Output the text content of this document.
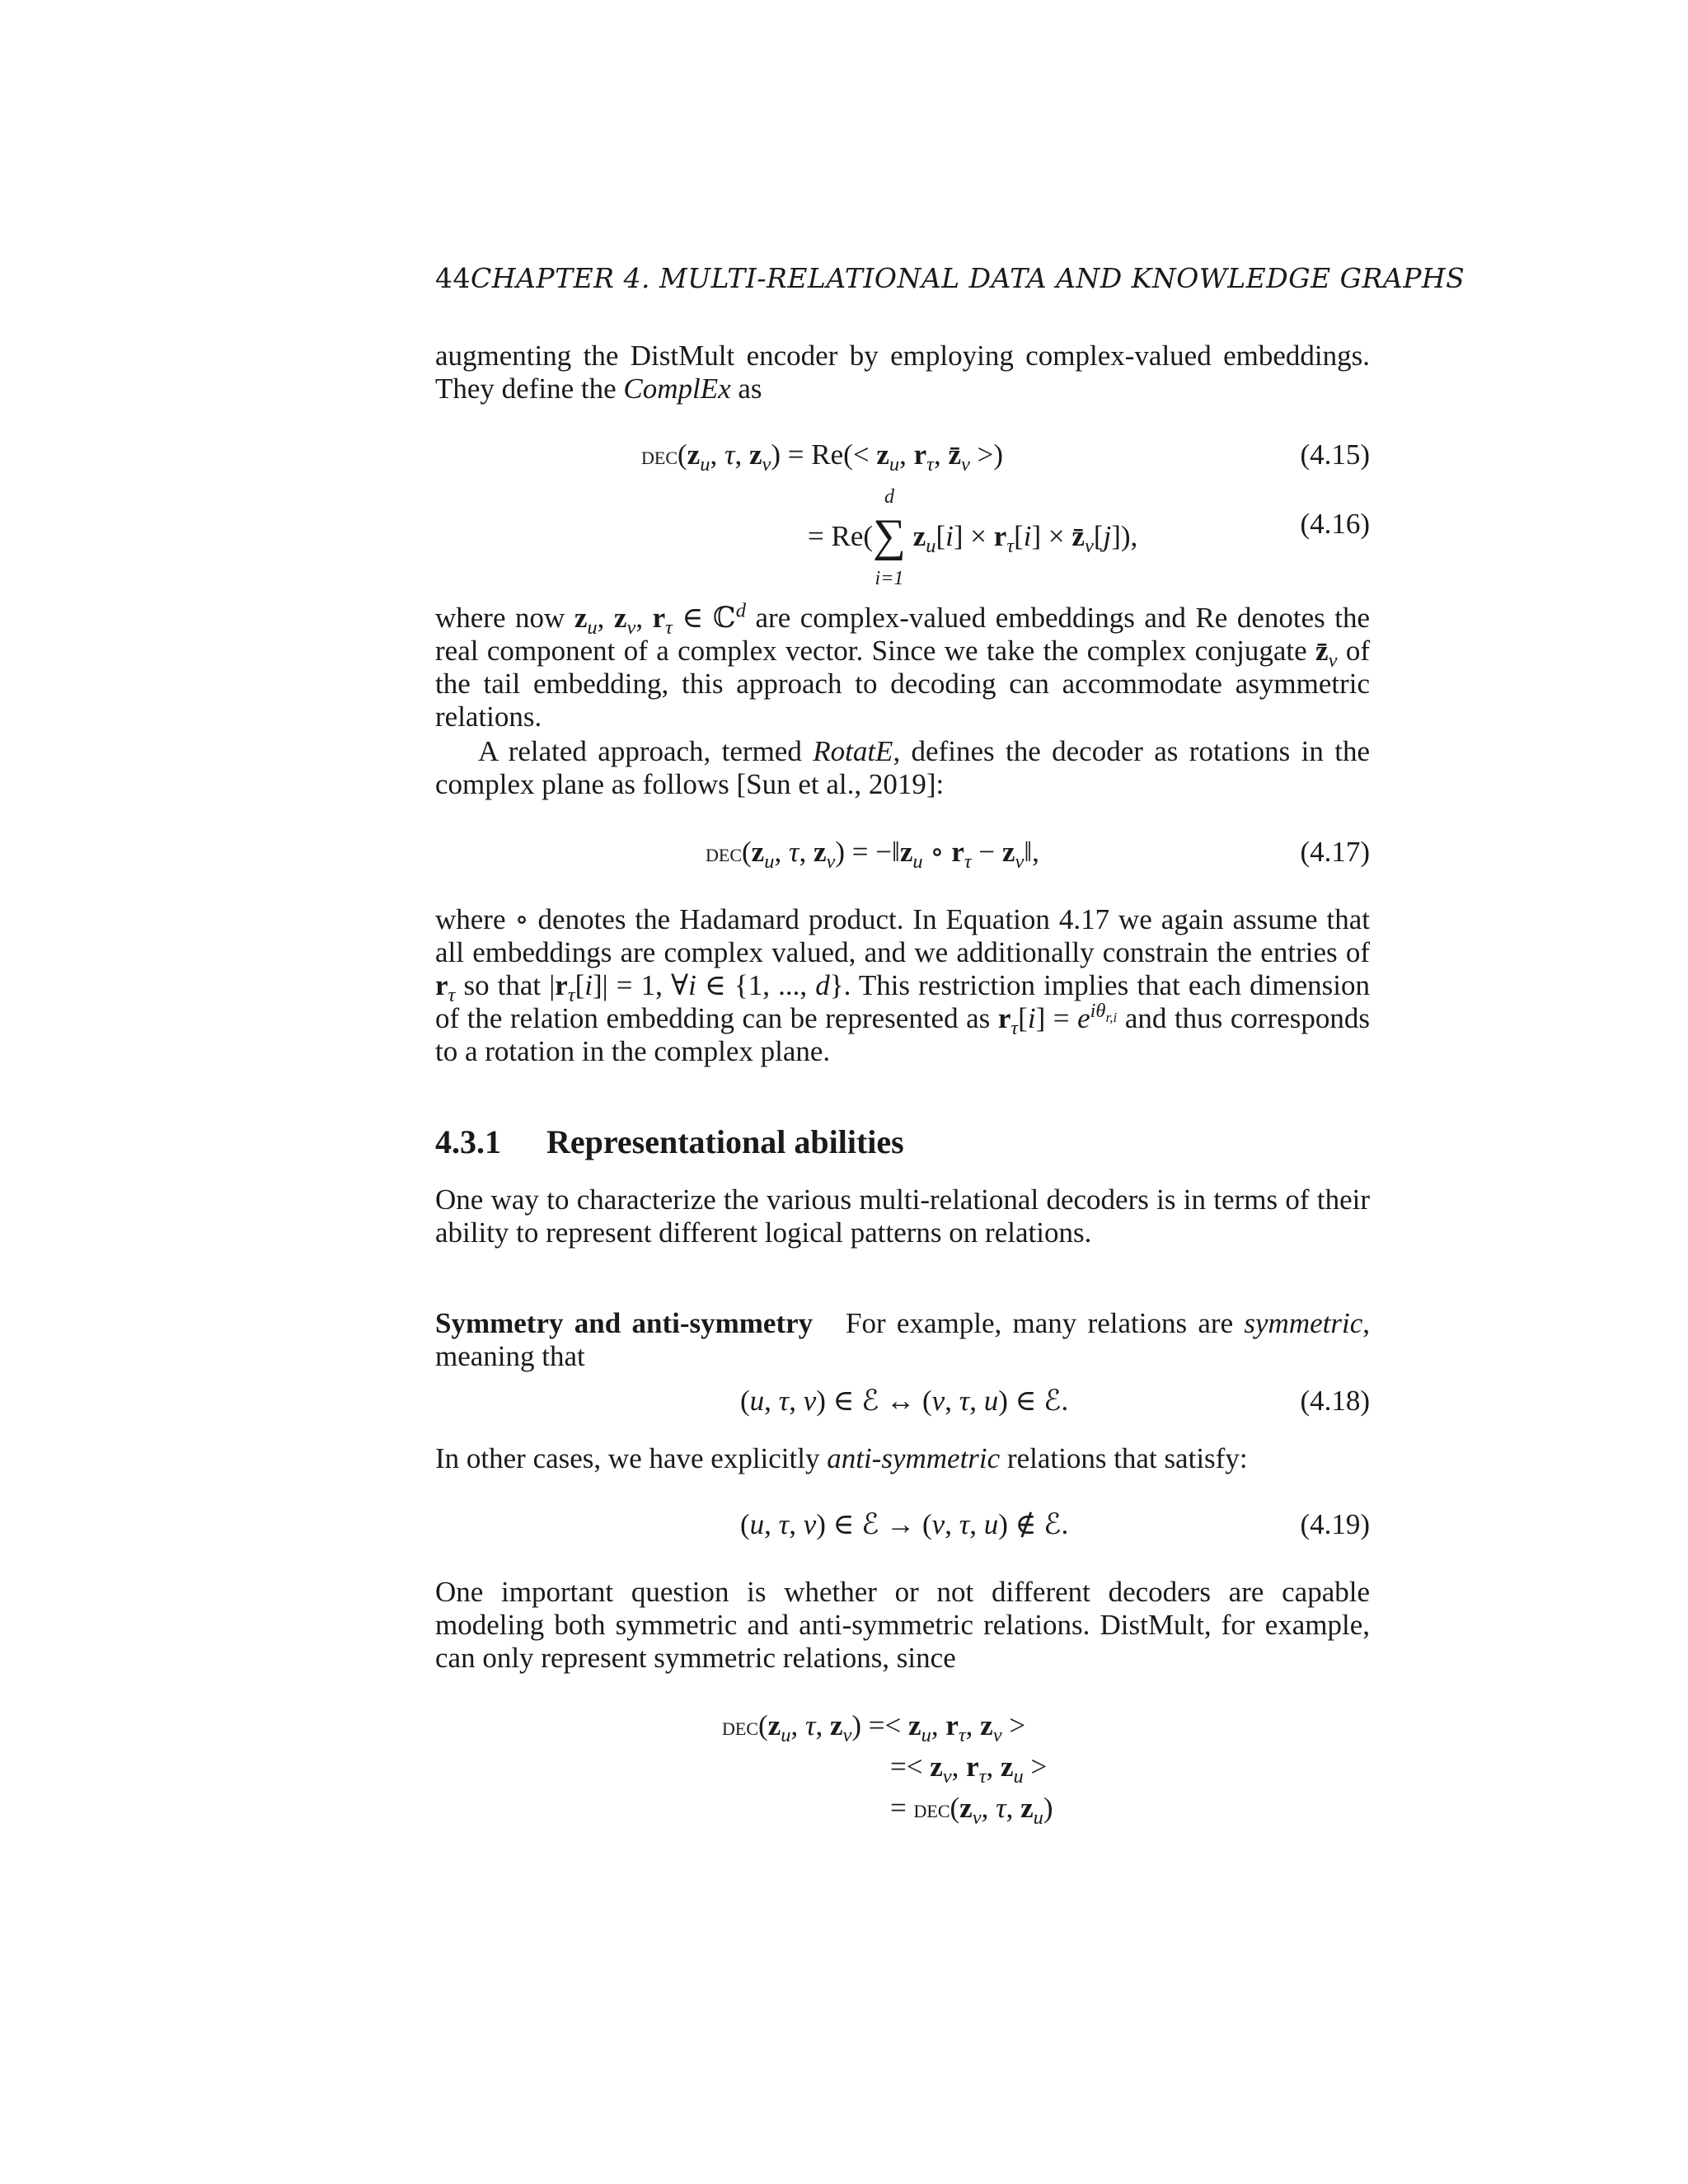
44CHAPTER 4. MULTI-RELATIONAL DATA AND KNOWLEDGE GRAPHS

augmenting the DistMult encoder by employing complex-valued embeddings. They define the ComplEx as

$dec(z_u$, τ, $z_v) = Re(< z_u$, $r_\tau$, $z̄_v$ >)	(4.15)
= Re(
d
∑
i=1
$z_u[i] \times r_\tau[i]$ × $z̄_v[j]$),	(4.16)

where now $z_u$, $z_v$, $r_\tau$ ∈ ℂ$^d$ are complex-valued embeddings and Re denotes the real component of a complex vector. Since we take the complex conjugate $z̄_v$ of the tail embedding, this approach to decoding can accommodate asymmetric relations.

A related approach, termed RotatE, defines the decoder as rotations in the complex plane as follows [Sun et al., 2019]:

$dec(z_u$, τ, $z_v$) = $-‖z_u$ ∘ $r_\tau$ − $z_v‖$,	(4.17)

where ∘ denotes the Hadamard product. In Equation 4.17 we again assume that all embeddings are complex valued, and we additionally constrain the entries of $r_\tau$ so that $|r_\tau[i]| = 1$, ∀i ∈ {1, ..., d}. This restriction implies that each dimension of the relation embedding can be represented as $r_\tau[i] = e^{i\theta_{r,i}}$ and thus corresponds to a rotation in the complex plane.

4.3.1 Representational abilities
One way to characterize the various multi-relational decoders is in terms of their ability to represent different logical patterns on relations.

Symmetry and anti-symmetry   For example, many relations are symmetric, meaning that

(u, τ, v) ∈ ℰ ↔ (v, τ, u) ∈ ℰ.	(4.18)

In other cases, we have explicitly anti-symmetric relations that satisfy:

(u, τ, v) ∈ ℰ → (v, τ, u) ∉ ℰ.	(4.19)
One important question is whether or not different decoders are capable modeling both symmetric and anti-symmetric relations. DistMult, for example, can only represent symmetric relations, since
$dec(z_u$, τ, $z_v) =< z_u$, $r_\tau$, $z_v$ >
=< $z_v$, $r_\tau$, $z_u$ >
= $dec(z_v$, τ, $z_u$)
